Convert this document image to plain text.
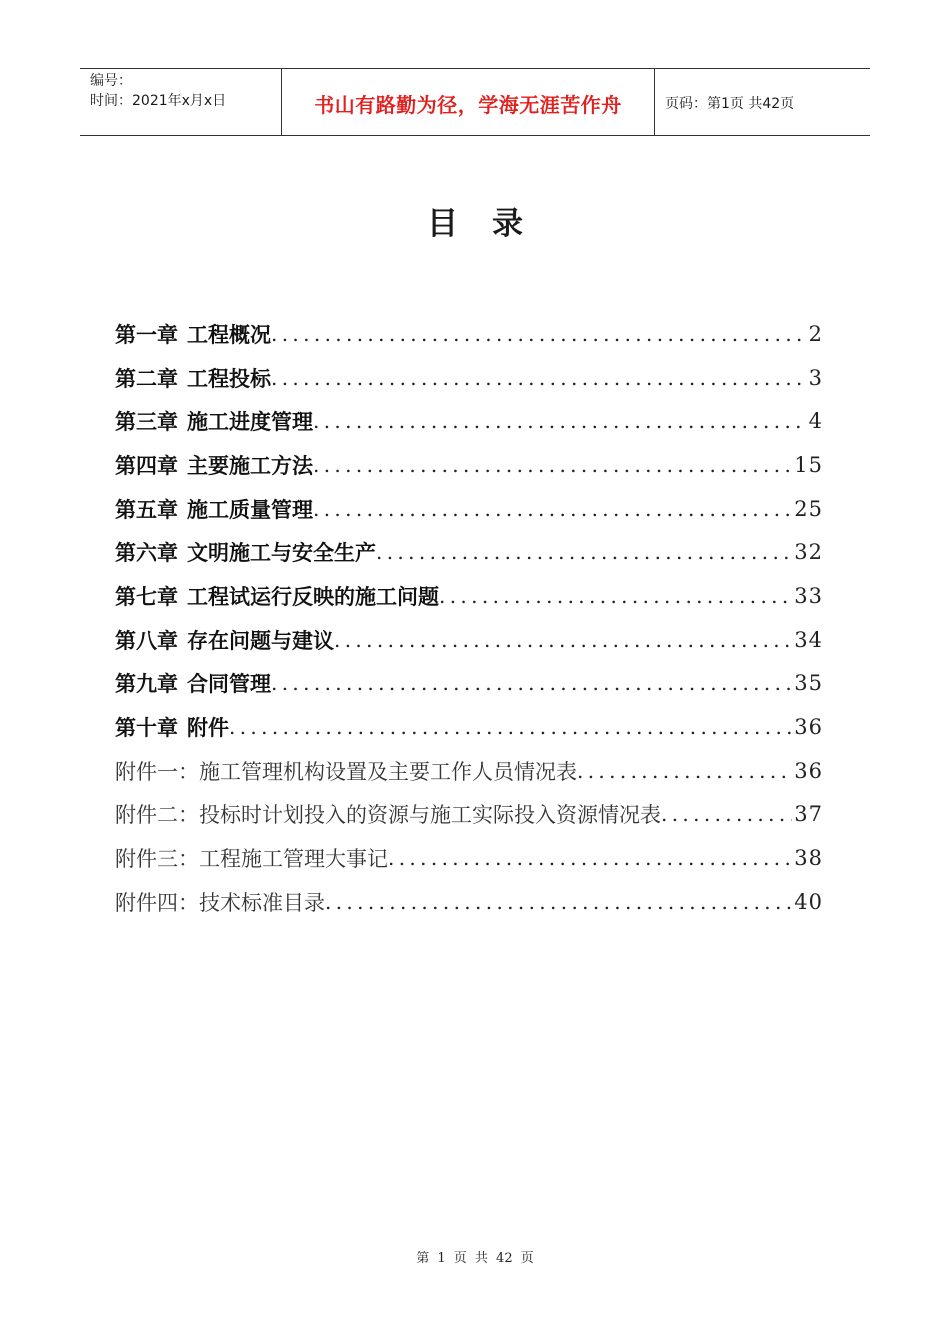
编号：
时间：2021年x月x日	书山有路勤为径，学海无涯苦作舟	页码：第1页 共42页
目录
第一章 工程概况 . . .	2
第二章 工程投标 . . .	3
第三章 施工进度管理 . . .	4
第四章 主要施工方法 . . .	15
第五章 施工质量管理 . . .	25
第六章 文明施工与安全生产 . . .	32
第七章 工程试运行反映的施工问题 . . .	33
第八章 存在问题与建议 . . .	34
第九章 合同管理 . . .	35
第十章 附件 . . .	36
附件一：施工管理机构设置及主要工作人员情况表 . . .	36
附件二：投标时计划投入的资源与施工实际投入资源情况表 . . .	37
附件三：工程施工管理大事记 . . .	38
附件四：技术标准目录 . . .	40
第 1 页 共 42 页
